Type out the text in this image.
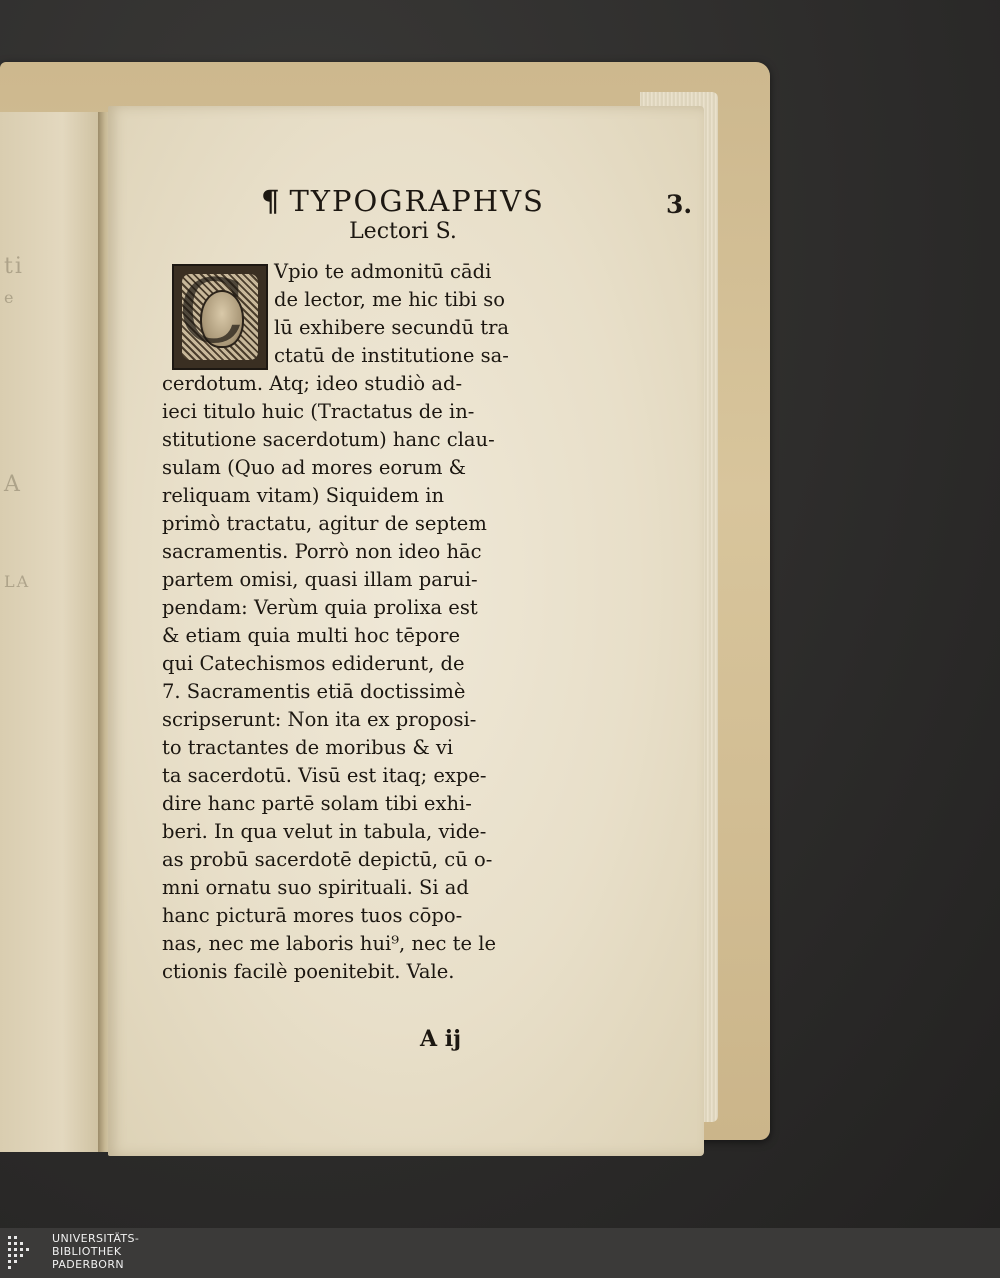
ti
e
A
LA
3.
¶ TYPOGRAPHVS
Lectori S.
C Vpio te admonitū cādi
de lector, me hic tibi so
lū exhibere secundū tra
ctatū de institutione sa-
cerdotum. Atq; ideo studiò ad-
ieci titulo huic (Tractatus de in-
stitutione sacerdotum) hanc clau-
sulam (Quo ad mores eorum &
reliquam vitam) Siquidem in
primò tractatu, agitur de septem
sacramentis. Porrò non ideo hāc
partem omisi, quasi illam parui-
pendam: Verùm quia prolixa est
& etiam quia multi hoc tēpore
qui Catechismos ediderunt, de
7. Sacramentis etiā doctissimè
scripserunt: Non ita ex proposi-
to tractantes de moribus & vi
ta sacerdotū. Visū est itaq; expe-
dire hanc partē solam tibi exhi-
beri. In qua velut in tabula, vide-
as probū sacerdotē depictū, cū o-
mni ornatu suo spirituali. Si ad
hanc picturā mores tuos cōpo-
nas, nec me laboris hui⁹, nec te le
ctionis facilè poenitebit. Vale.
A ij
UNIVERSITÄTS-
BIBLIOTHEK
PADERBORN
